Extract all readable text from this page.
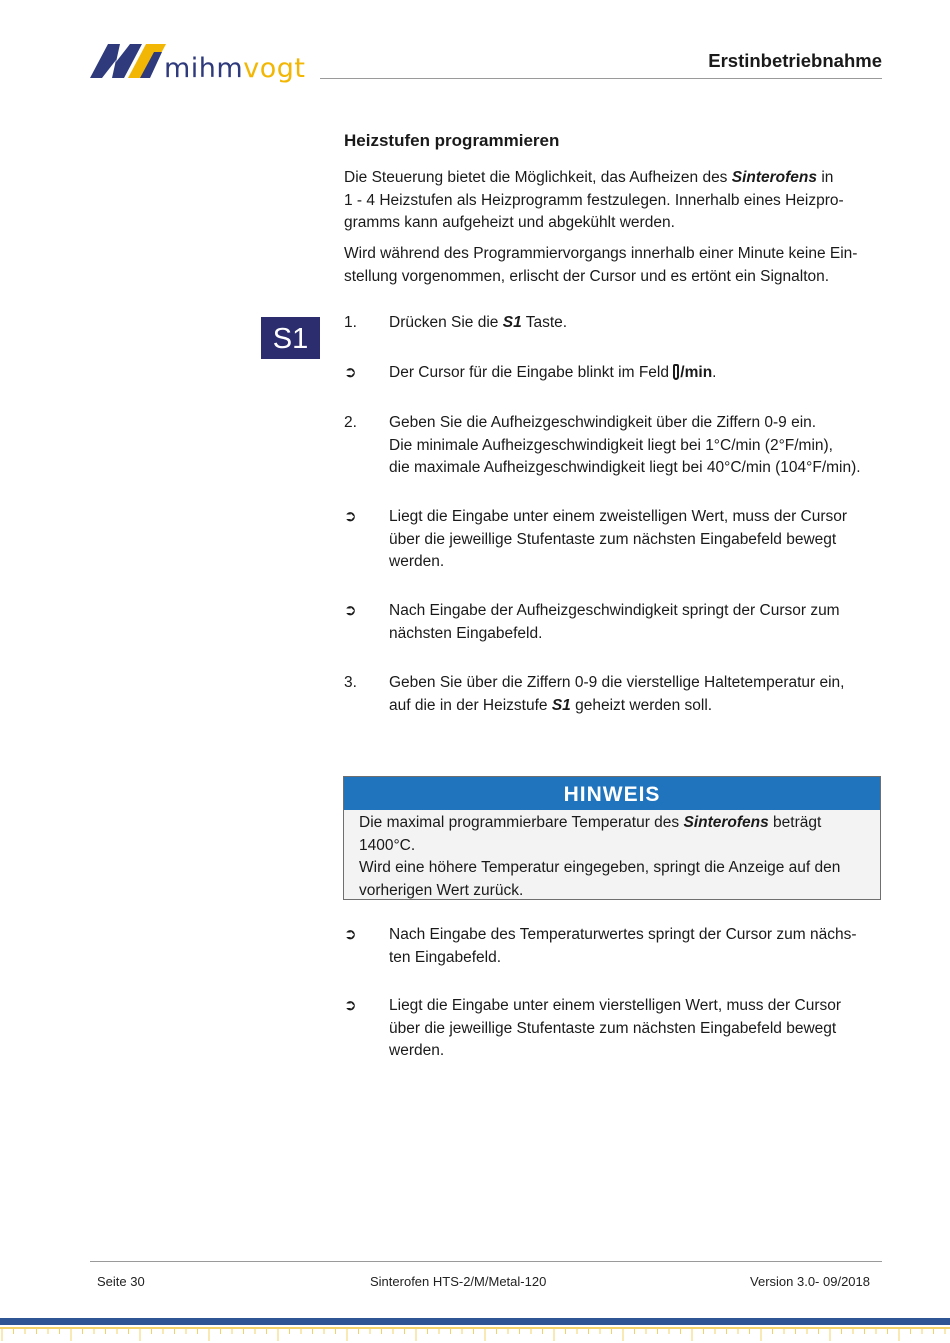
mihmvogt	Erstinbetriebnahme
Heizstufen programmieren

Die Steuerung bietet die Möglichkeit, das Aufheizen des Sinterofens in
1 - 4 Heizstufen als Heizprogramm festzulegen. Innerhalb eines Heizpro-
gramms kann aufgeheizt und abgekühlt werden.

Wird während des Programmiervorgangs innerhalb einer Minute keine Ein-
stellung vorgenommen, erlischt der Cursor und es ertönt ein Signalton.

S1
1.	Drücken Sie die S1 Taste.
➲	Der Cursor für die Eingabe blinkt im Feld /min.
2.	Geben Sie die Aufheizgeschwindigkeit über die Ziffern 0-9 ein.
Die minimale Aufheizgeschwindigkeit liegt bei 1°C/min (2°F/min),
die maximale Aufheizgeschwindigkeit liegt bei 40°C/min (104°F/min).
➲	Liegt die Eingabe unter einem zweistelligen Wert, muss der Cursor
über die jeweillige Stufentaste zum nächsten Eingabefeld bewegt
werden.
➲	Nach Eingabe der Aufheizgeschwindigkeit springt der Cursor zum
nächsten Eingabefeld.
3.	Geben Sie über die Ziffern 0-9 die vierstellige Haltetemperatur ein,
auf die in der Heizstufe S1 geheizt werden soll.
HINWEIS
Die maximal programmierbare Temperatur des Sinterofens beträgt
1400°C.
Wird eine höhere Temperatur eingegeben, springt die Anzeige auf den
vorherigen Wert zurück.
➲	Nach Eingabe des Temperaturwertes springt der Cursor zum nächs-
ten Eingabefeld.
➲	Liegt die Eingabe unter einem vierstelligen Wert, muss der Cursor
über die jeweillige Stufentaste zum nächsten Eingabefeld bewegt
werden.
Seite 30	Sinterofen HTS-2/M/Metal-120	Version 3.0- 09/2018
